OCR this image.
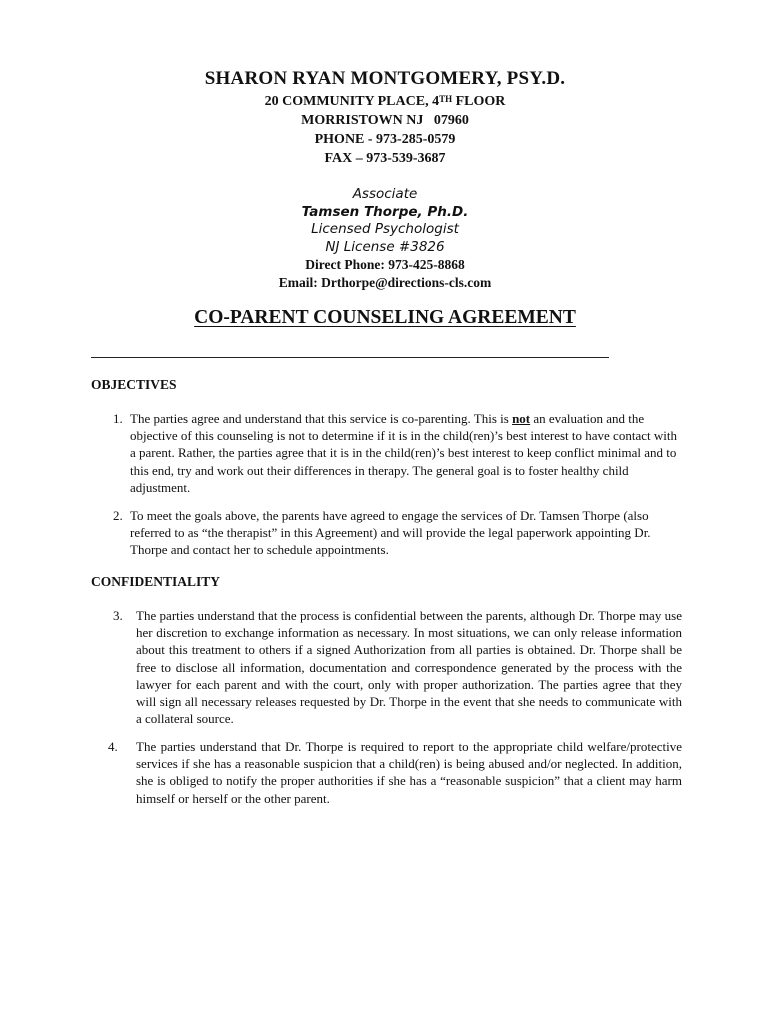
SHARON RYAN MONTGOMERY, PSY.D.
20 COMMUNITY PLACE, 4TH FLOOR
MORRISTOWN NJ   07960
PHONE - 973-285-0579
FAX – 973-539-3687
Associate
Tamsen Thorpe, Ph.D.
Licensed Psychologist
NJ License #3826
Direct Phone: 973-425-8868
Email: Drthorpe@directions-cls.com
CO-PARENT COUNSELING AGREEMENT
OBJECTIVES
1. The parties agree and understand that this service is co-parenting. This is not an evaluation and the objective of this counseling is not to determine if it is in the child(ren)’s best interest to have contact with a parent. Rather, the parties agree that it is in the child(ren)’s best interest to keep conflict minimal and to this end, try and work out their differences in therapy. The general goal is to foster healthy child adjustment.
2. To meet the goals above, the parents have agreed to engage the services of Dr. Tamsen Thorpe (also referred to as “the therapist” in this Agreement) and will provide the legal paperwork appointing Dr. Thorpe and contact her to schedule appointments.
CONFIDENTIALITY
3. The parties understand that the process is confidential between the parents, although Dr. Thorpe may use her discretion to exchange information as necessary. In most situations, we can only release information about this treatment to others if a signed Authorization from all parties is obtained. Dr. Thorpe shall be free to disclose all information, documentation and correspondence generated by the process with the lawyer for each parent and with the court, only with proper authorization. The parties agree that they will sign all necessary releases requested by Dr. Thorpe in the event that she needs to communicate with a collateral source.
4. The parties understand that Dr. Thorpe is required to report to the appropriate child welfare/protective services if she has a reasonable suspicion that a child(ren) is being abused and/or neglected. In addition, she is obliged to notify the proper authorities if she has a “reasonable suspicion” that a client may harm himself or herself or the other parent.
